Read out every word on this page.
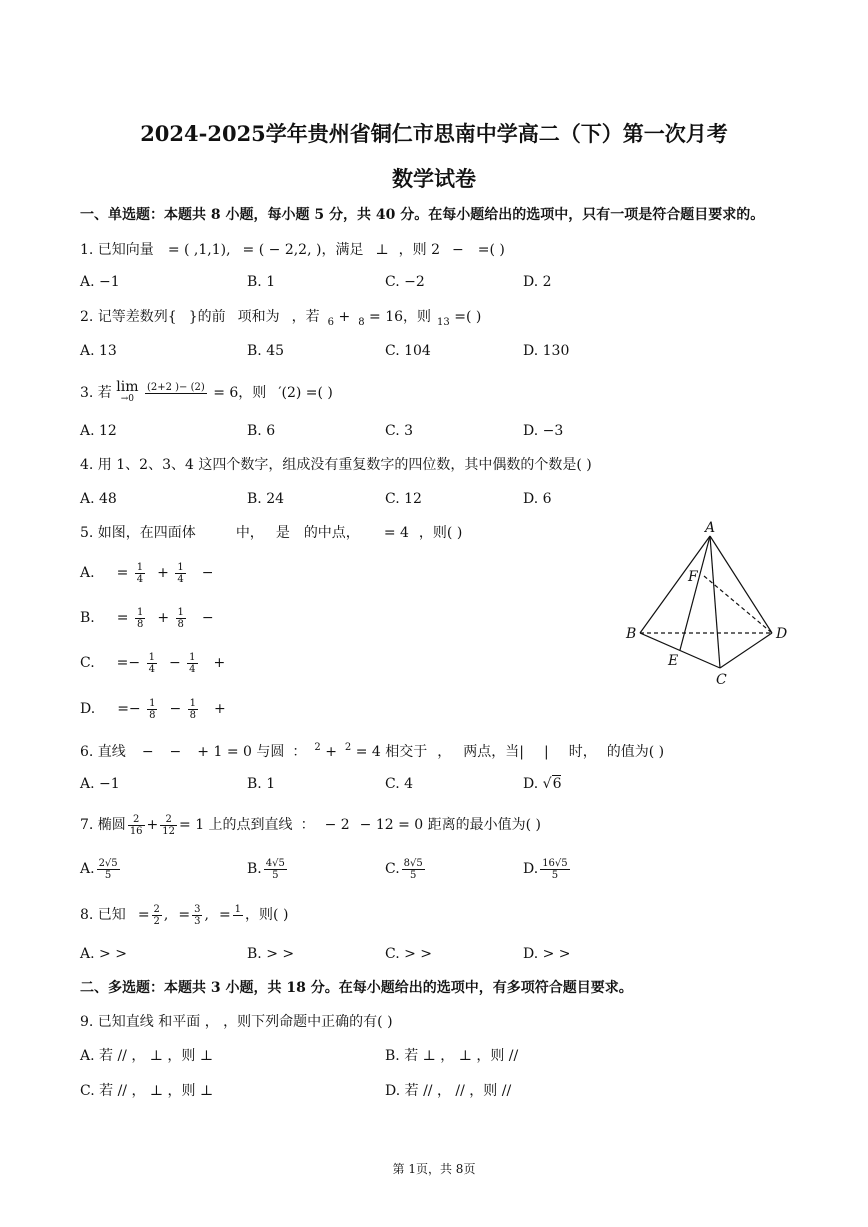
2024-2025学年贵州省铜仁市思南中学高二（下）第一次月考
数学试卷
一、单选题：本题共 8 小题，每小题 5 分，共 40 分。在每小题给出的选项中，只有一项是符合题目要求的。
1. 已知向量 = ( ,1,1), = ( − 2,2, )，满足 ⊥ ，则 2 − =( )
A. −1	B. 1	C. −2	D. 2
2. 记等差数列{ }的前 项和为 ，若 $_6$ + $_8$ = 16，则 $_{13}$ =( )
A. 13	B. 45	C. 104	D. 130
3. 若 lim
→0

(2+2 )− (2)
= 6，则 ′(2) =( )
A. 12	B. 6	C. 3	D. −3
4. 用 1、2、3、4 这四个数字，组成没有重复数字的四位数，其中偶数的个数是( )
A. 48	B. 24	C. 12	D. 6
5. 如图，在四面体	中， 是 的中点， = 4 ，则( )
A. = $\frac{1}{4} + \frac{1}{4}$ −
B. = $\frac{1}{8} + \frac{1}{8}$ −
C. =− $\frac{1}{4} - \frac{1}{4}$ +
D. =− $\frac{1}{8} - \frac{1}{8}$ +
A
B
C
D
E
F
6. 直线 − − + 1 = 0 与圆 ： $^2$ + $^2$ = 4 相交于 ， 两点，当| | 时， 的值为( )
A. −1	B. 1	C. 4	D. √6
7. 椭圆 $\frac{2}{16} + \frac{2}{12} = 1$ 上的点到直线 ： − 2 − 12 = 0 距离的最小值为( )
A. $\frac{2√5}{5}$	B. $\frac{4√5}{5}$	C. $\frac{8√5}{5}$	D. $\frac{16√5}{5}$
8. 已知 = $\frac{2}{2}$ , = $\frac{3}{3}$ , = 1
，则( )
A. > >	B. > >	C. > >	D. > >
二、多选题：本题共 3 小题，共 18 分。在每小题给出的选项中，有多项符合题目要求。
9. 已知直线 和平面 ， ，则下列命题中正确的有( )
A. 若 // ， ⊥ ，则 ⊥	B. 若 ⊥ ， ⊥ ，则 //
C. 若 // ， ⊥ ，则 ⊥	D. 若 // ， // ，则 //
第 1页，共 8页
